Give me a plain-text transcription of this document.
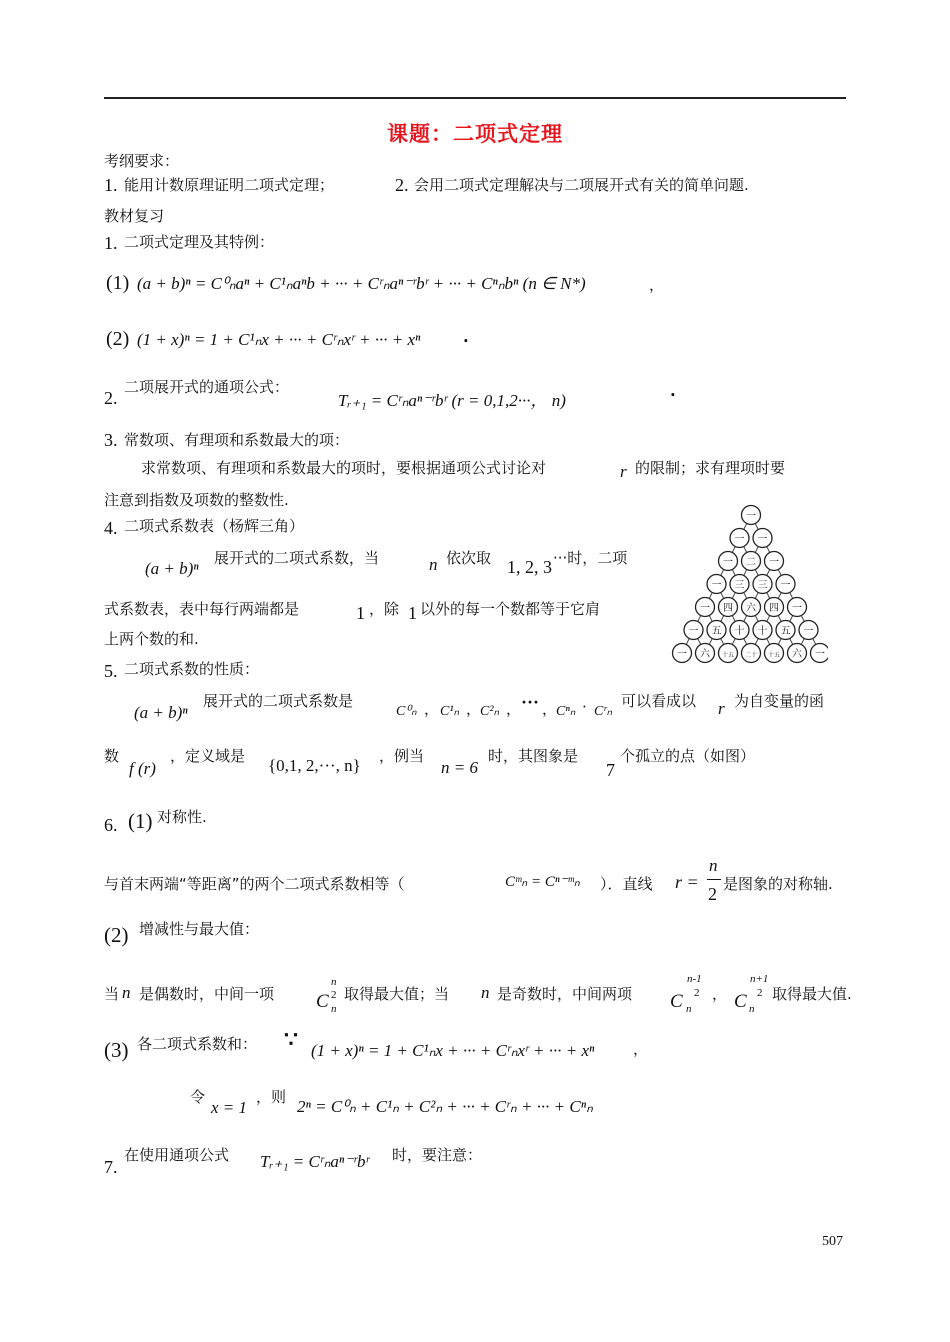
课题：二项式定理
考纲要求：
1. 能用计数原理证明二项式定理；	2. 会用二项式定理解决与二项展开式有关的简单问题.
教材复习
1. 二项式定理及其特例：
(1) (a + b)ⁿ = C⁰ₙaⁿ + C¹ₙaⁿb + ··· + Cʳₙaⁿ⁻ʳbʳ + ··· + Cⁿₙbⁿ (n ∈ N*)	，
(2) (1 + x)ⁿ = 1 + C¹ₙx + ··· + Cʳₙxʳ + ··· + xⁿ	.
2.
二项展开式的通项公式：
Tᵣ₊₁ = Cʳₙaⁿ⁻ʳbʳ (r = 0,1,2···， n)	.
3. 常数项、有理项和系数最大的项：
求常数项、有理项和系数最大的项时，要根据通项公式讨论对	r 的限制；求有理项时要
注意到指数及项数的整数性.
4. 二项式系数表（杨辉三角）
(a + b)ⁿ
展开式的二项式系数，当	n 依次取 1, 2, 3 ···时，二项
式系数表，表中每行两端都是	1 ，除 1 以外的每一个数都等于它肩
上两个数的和.
一
一 一
一 二 一
一 三 三 一
一 四 六 四 一
一 五 十 十 五 一
一 六 十五 二十 十五 六 一
5. 二项式系数的性质：
(a + b)ⁿ
展开式的二项式系数是
C⁰ₙ ， C¹ₙ ，
C²ₙ ， ··· ，
Cⁿₙ · Cʳₙ
可以看成以 r 为自变量的函
数
f (r)
，定义域是 {0,1, 2,···, n} ，例当
n = 6
时，其图象是
7
个孤立的点（如图）
6. (1) 对称性.
与首末两端“等距离”的两个二项式系数相等（	Cᵐₙ = Cⁿ⁻ᵐₙ ）．直线 r =
n
2 是图象的对称轴.
(2) 增减性与最大值：
当 n 是偶数时，中间一项 C
n
2
n
取得最大值；当 n 是奇数时，中间两项 C
n-1
2
n
， C
n+1
2
n
取得最大值.
(3) 各二项式系数和： ∵ (1 + x)ⁿ = 1 + C¹ₙx + ··· + Cʳₙxʳ + ··· + xⁿ	，
令
x = 1
，则 2ⁿ = C⁰ₙ + C¹ₙ + C²ₙ + ··· + Cʳₙ + ··· + Cⁿₙ
7.
在使用通项公式 Tᵣ₊₁ = Cʳₙaⁿ⁻ʳbʳ 时，要注意：
507
